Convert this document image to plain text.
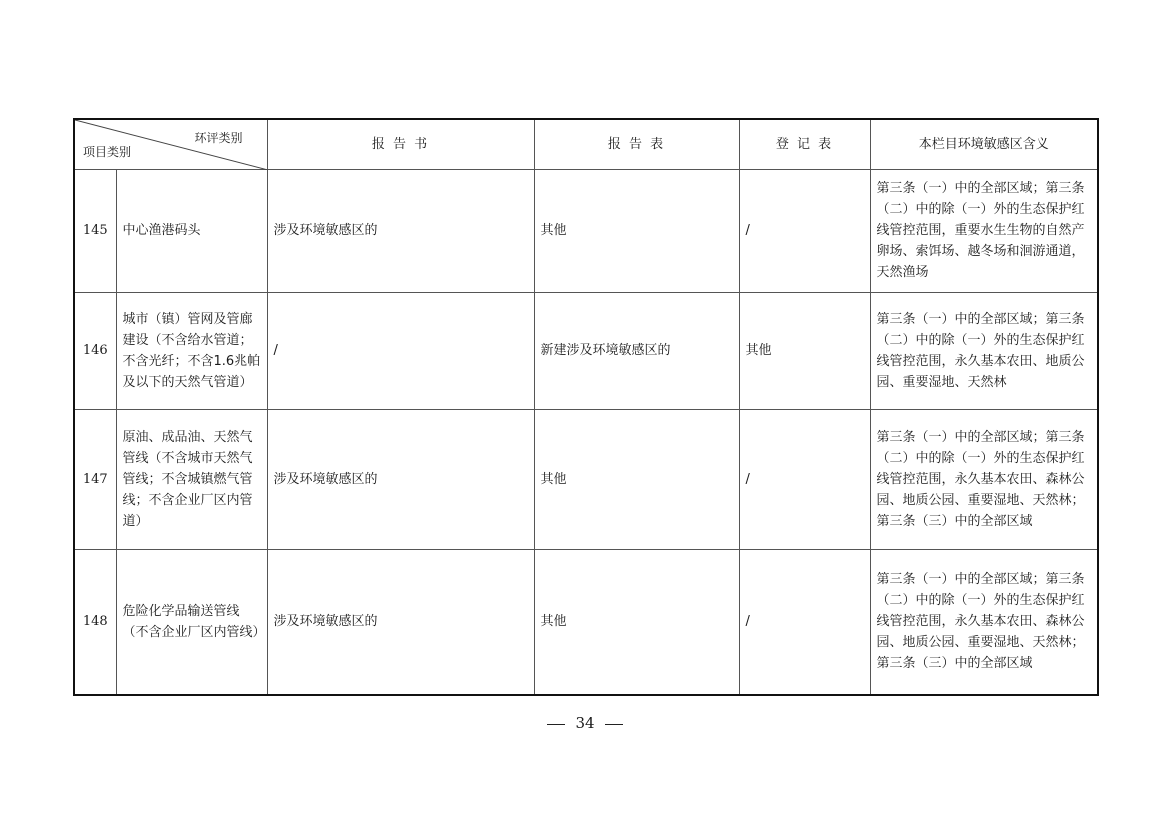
环评类别
项目类别		报 告 书	报 告 表	登 记 表	本栏目环境敏感区含义
145	中心渔港码头	涉及环境敏感区的	其他	/	第三条（一）中的全部区域；第三条（二）中的除（一）外的生态保护红线管控范围，重要水生生物的自然产卵场、索饵场、越冬场和洄游通道，天然渔场
146	城市（镇）管网及管廊建设（不含给水管道；不含光纤；不含1.6兆帕及以下的天然气管道）	/	新建涉及环境敏感区的	其他	第三条（一）中的全部区域；第三条（二）中的除（一）外的生态保护红线管控范围，永久基本农田、地质公园、重要湿地、天然林
147	原油、成品油、天然气管线（不含城市天然气管线；不含城镇燃气管线；不含企业厂区内管道）	涉及环境敏感区的	其他	/	第三条（一）中的全部区域；第三条（二）中的除（一）外的生态保护红线管控范围，永久基本农田、森林公园、地质公园、重要湿地、天然林；第三条（三）中的全部区域
148	危险化学品输送管线（不含企业厂区内管线）	涉及环境敏感区的	其他	/	第三条（一）中的全部区域；第三条（二）中的除（一）外的生态保护红线管控范围，永久基本农田、森林公园、地质公园、重要湿地、天然林；第三条（三）中的全部区域
34
